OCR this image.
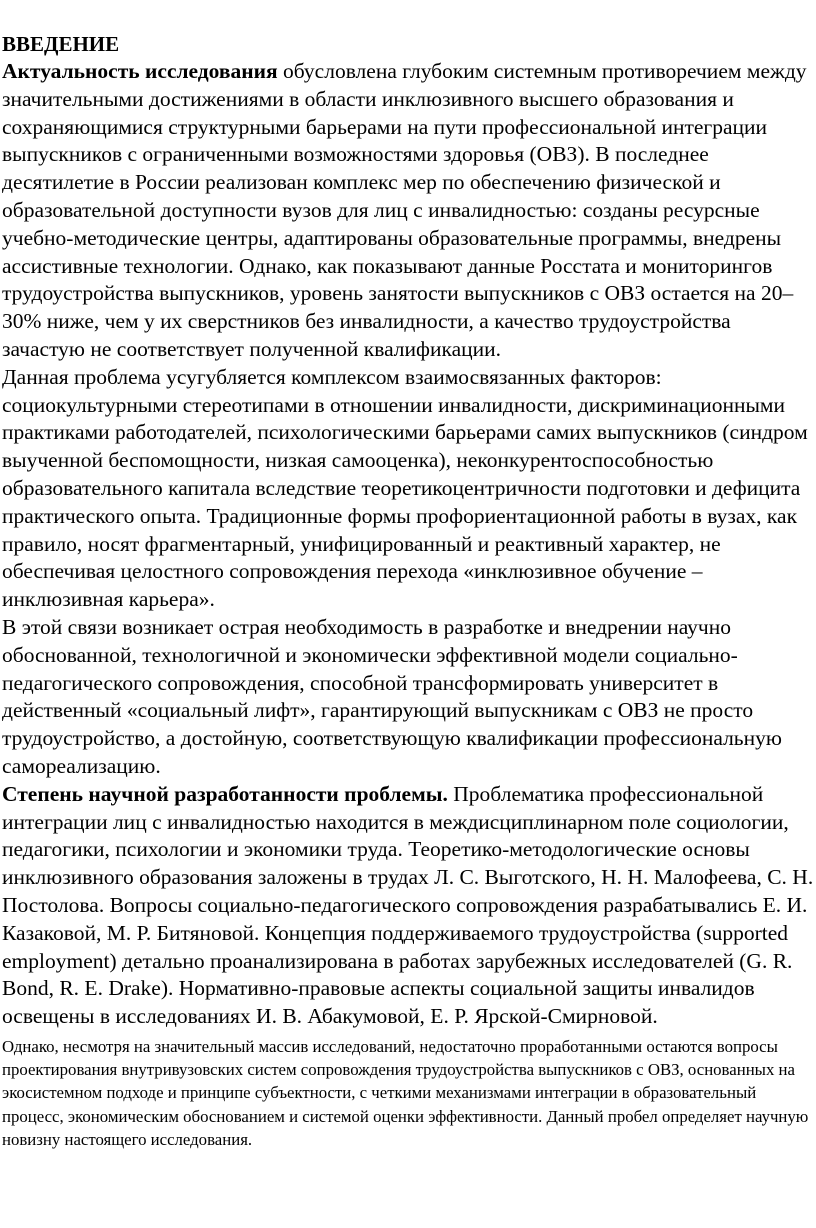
ВВЕДЕНИЕ

Актуальность исследования обусловлена глубоким системным противоречием между значительными достижениями в области инклюзивного высшего образования и сохраняющимися структурными барьерами на пути профессиональной интеграции выпускников с ограниченными возможностями здоровья (ОВЗ). В последнее десятилетие в России реализован комплекс мер по обеспечению физической и образовательной доступности вузов для лиц с инвалидностью: созданы ресурсные учебно-методические центры, адаптированы образовательные программы, внедрены ассистивные технологии. Однако, как показывают данные Росстата и мониторингов трудоустройства выпускников, уровень занятости выпускников с ОВЗ остается на 20–30% ниже, чем у их сверстников без инвалидности, а качество трудоустройства зачастую не соответствует полученной квалификации.

Данная проблема усугубляется комплексом взаимосвязанных факторов: социокультурными стереотипами в отношении инвалидности, дискриминационными практиками работодателей, психологическими барьерами самих выпускников (синдром выученной беспомощности, низкая самооценка), неконкурентоспособностью образовательного капитала вследствие теоретикоцентричности подготовки и дефицита практического опыта. Традиционные формы профориентационной работы в вузах, как правило, носят фрагментарный, унифицированный и реактивный характер, не обеспечивая целостного сопровождения перехода «инклюзивное обучение – инклюзивная карьера».

В этой связи возникает острая необходимость в разработке и внедрении научно обоснованной, технологичной и экономически эффективной модели социально-педагогического сопровождения, способной трансформировать университет в действенный «социальный лифт», гарантирующий выпускникам с ОВЗ не просто трудоустройство, а достойную, соответствующую квалификации профессиональную самореализацию.

Степень научной разработанности проблемы. Проблематика профессиональной интеграции лиц с инвалидностью находится в междисциплинарном поле социологии, педагогики, психологии и экономики труда. Теоретико-методологические основы инклюзивного образования заложены в трудах Л. С. Выготского, Н. Н. Малофеева, С. Н. Постолова. Вопросы социально-педагогического сопровождения разрабатывались Е. И. Казаковой, М. Р. Битяновой. Концепция поддерживаемого трудоустройства (supported employment) детально проанализирована в работах зарубежных исследователей (G. R. Bond, R. E. Drake). Нормативно-правовые аспекты социальной защиты инвалидов освещены в исследованиях И. В. Абакумовой, Е. Р. Ярской-Смирновой.

Однако, несмотря на значительный массив исследований, недостаточно проработанными остаются вопросы проектирования внутривузовских систем сопровождения трудоустройства выпускников с ОВЗ, основанных на экосистемном подходе и принципе субъектности, с четкими механизмами интеграции в образовательный процесс, экономическим обоснованием и системой оценки эффективности. Данный пробел определяет научную новизну настоящего исследования.
